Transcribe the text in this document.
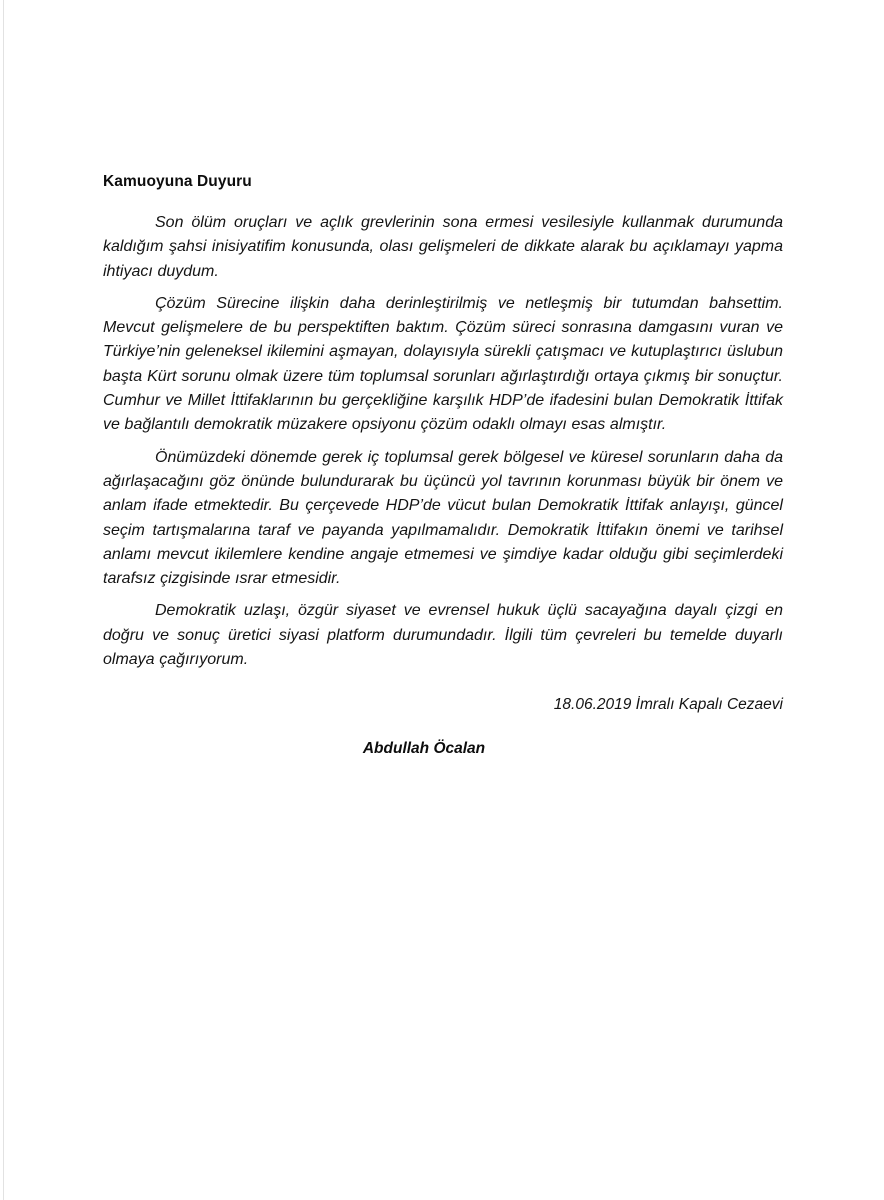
Kamuoyuna Duyuru

Son ölüm oruçları ve açlık grevlerinin sona ermesi vesilesiyle kullanmak durumunda kaldığım şahsi inisiyatifim konusunda, olası gelişmeleri de dikkate alarak bu açıklamayı yapma ihtiyacı duydum.

Çözüm Sürecine ilişkin daha derinleştirilmiş ve netleşmiş bir tutumdan bahsettim. Mevcut gelişmelere de bu perspektiften baktım. Çözüm süreci sonrasına damgasını vuran ve Türkiye’nin geleneksel ikilemini aşmayan, dolayısıyla sürekli çatışmacı ve kutuplaştırıcı üslubun başta Kürt sorunu olmak üzere tüm toplumsal sorunları ağırlaştırdığı ortaya çıkmış bir sonuçtur. Cumhur ve Millet İttifaklarının bu gerçekliğine karşılık HDP’de ifadesini bulan Demokratik İttifak ve bağlantılı demokratik müzakere opsiyonu çözüm odaklı olmayı esas almıştır.

Önümüzdeki dönemde gerek iç toplumsal gerek bölgesel ve küresel sorunların daha da ağırlaşacağını göz önünde bulundurarak bu üçüncü yol tavrının korunması büyük bir önem ve anlam ifade etmektedir. Bu çerçevede HDP’de vücut bulan Demokratik İttifak anlayışı, güncel seçim tartışmalarına taraf ve payanda yapılmamalıdır. Demokratik İttifakın önemi ve tarihsel anlamı mevcut ikilemlere kendine angaje etmemesi ve şimdiye kadar olduğu gibi seçimlerdeki tarafsız çizgisinde ısrar etmesidir.

Demokratik uzlaşı, özgür siyaset ve evrensel hukuk üçlü sacayağına dayalı çizgi en doğru ve sonuç üretici siyasi platform durumundadır. İlgili tüm çevreleri bu temelde duyarlı olmaya çağırıyorum.

18.06.2019 İmralı Kapalı Cezaevi

Abdullah Öcalan
